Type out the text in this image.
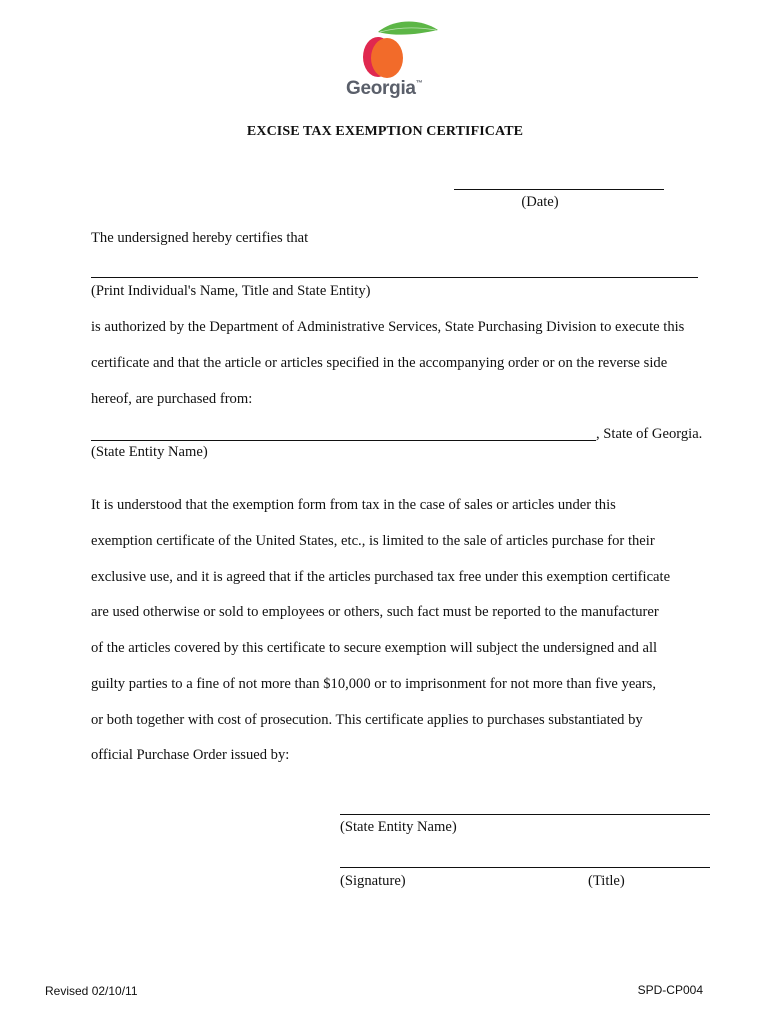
Georgia™
EXCISE TAX EXEMPTION CERTIFICATE
(Date)
The undersigned hereby certifies that
(Print Individual's Name, Title and State Entity)
is authorized by the Department of Administrative Services, State Purchasing Division to execute this
certificate and that the article or articles specified in the accompanying order or on the reverse side
hereof, are purchased from:
, State of Georgia.
(State Entity Name)
It is understood that the exemption form from tax in the case of sales or articles under this
exemption certificate of the United States, etc., is limited to the sale of articles purchase for their
exclusive use, and it is agreed that if the articles purchased tax free under this exemption certificate
are used otherwise or sold to employees or others, such fact must be reported to the manufacturer
of the articles covered by this certificate to secure exemption will subject the undersigned and all
guilty parties to a fine of not more than $10,000 or to imprisonment for not more than five years,
or both together with cost of prosecution. This certificate applies to purchases substantiated by
official Purchase Order issued by:
(State Entity Name)
(Signature)	(Title)
Revised 02/10/11	SPD-CP004
